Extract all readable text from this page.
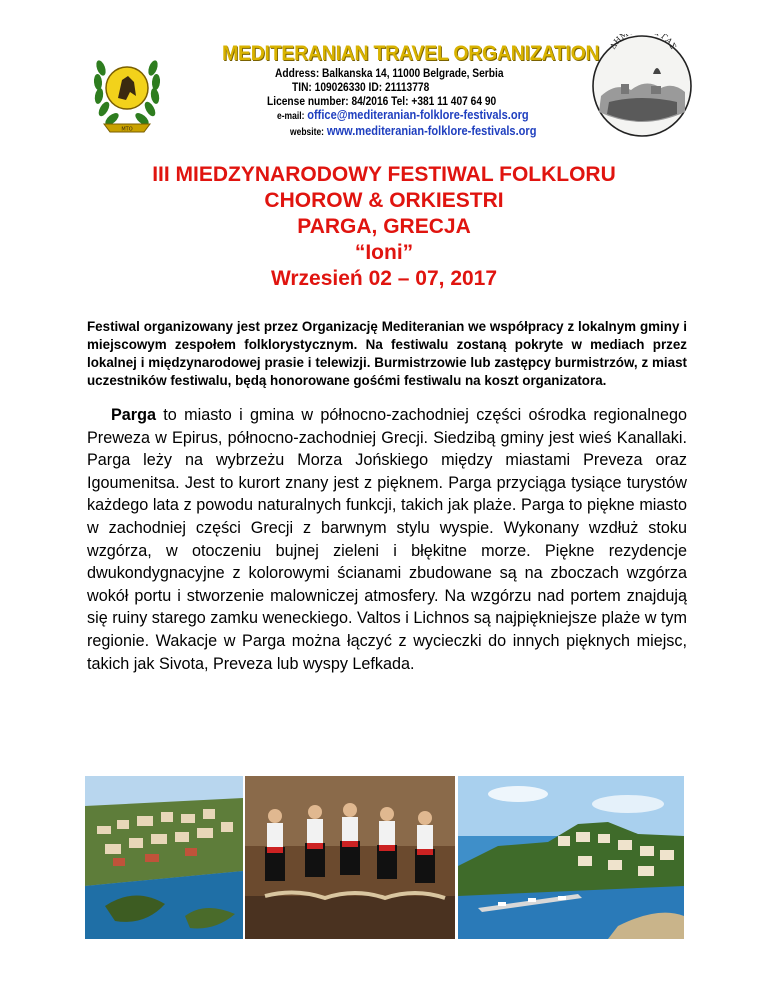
MTO
MEDITERANIAN TRAVEL ORGANIZATION
Address: Balkanska 14, 11000 Belgrade, Serbia
TIN: 109026330 ID: 21113778
License number: 84/2016 Tel: +381 11 407 64 90
e-mail: office@mediteranian-folklore-festivals.org
website: www.mediteranian-folklore-festivals.org
ΔΗΜ ΓΑΣ
III MIEDZYNARODOWY FESTIWAL FOLKLORU
CHOROW & ORKIESTRI
PARGA, GRECJA
“Ioni”
Wrzesień 02 – 07, 2017
Festiwal organizowany jest przez Organizację Mediteranian we współpracy z lokalnym gminy i miejscowym zespołem folklorystycznym. Na festiwalu zostaną pokryte w mediach przez lokalnej i międzynarodowej prasie i telewizji. Burmistrzowie lub zastępcy burmistrzów, z miast uczestników festiwalu, będą honorowane gośćmi festiwalu na koszt organizatora.
Parga to miasto i gmina w północno-zachodniej części ośrodka regionalnego Preweza w Epirus, północno-zachodniej Grecji. Siedzibą gminy jest wieś Kanallaki. Parga leży na wybrzeżu Morza Jońskiego między miastami Preveza oraz Igoumenitsa. Jest to kurort znany jest z pięknem. Parga przyciąga tysiące turystów każdego lata z powodu naturalnych funkcji, takich jak plaże. Parga to piękne miasto w zachodniej części Grecji z barwnym stylu wyspie. Wykonany wzdłuż stoku wzgórza, w otoczeniu bujnej zieleni i błękitne morze. Piękne rezydencje dwukondygnacyjne z kolorowymi ścianami zbudowane są na zboczach wzgórza wokół portu i stworzenie malowniczej atmosfery. Na wzgórzu nad portem znajdują się ruiny starego zamku weneckiego. Valtos i Lichnos są najpiękniejsze plaże w tym regionie. Wakacje w Parga można łączyć z wycieczki do innych pięknych miejsc, takich jak Sivota, Preveza lub wyspy Lefkada.
